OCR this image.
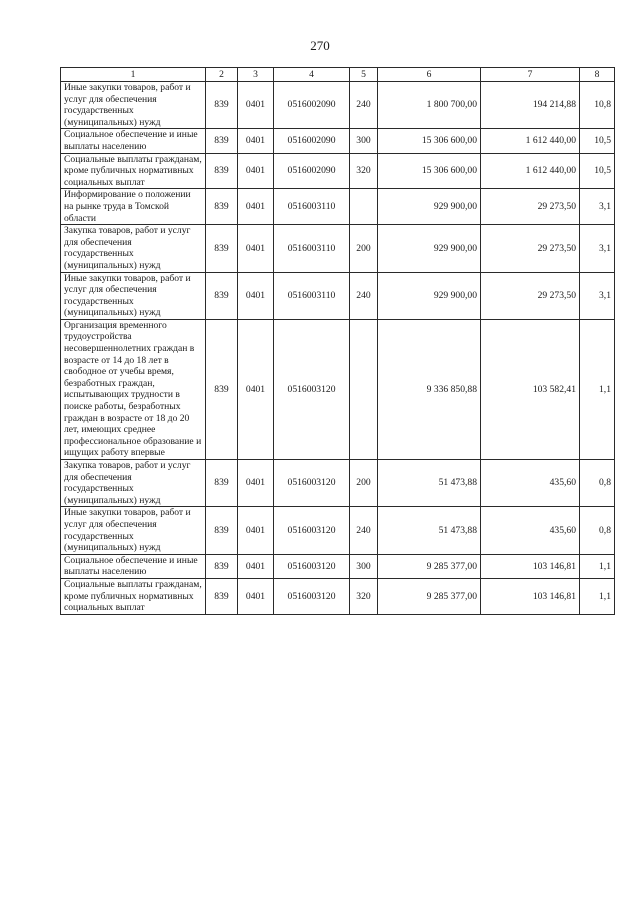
270
1	2	3	4	5	6	7	8
Иные закупки товаров, работ и услуг для обеспечения государственных (муниципальных) нужд	839	0401	0516002090	240	1 800 700,00	194 214,88	10,8
Социальное обеспечение и иные выплаты населению	839	0401	0516002090	300	15 306 600,00	1 612 440,00	10,5
Социальные выплаты гражданам, кроме публичных нормативных социальных выплат	839	0401	0516002090	320	15 306 600,00	1 612 440,00	10,5
Информирование о положении на рынке труда в Томской области	839	0401	0516003110		929 900,00	29 273,50	3,1
Закупка товаров, работ и услуг для обеспечения государственных (муниципальных) нужд	839	0401	0516003110	200	929 900,00	29 273,50	3,1
Иные закупки товаров, работ и услуг для обеспечения государственных (муниципальных) нужд	839	0401	0516003110	240	929 900,00	29 273,50	3,1
Организация временного трудоустройства несовершеннолетних граждан в возрасте от 14 до 18 лет в свободное от учебы время, безработных граждан, испытывающих трудности в поиске работы, безработных граждан в возрасте от 18 до 20 лет, имеющих среднее профессиональное образование и ищущих работу впервые	839	0401	0516003120		9 336 850,88	103 582,41	1,1
Закупка товаров, работ и услуг для обеспечения государственных (муниципальных) нужд	839	0401	0516003120	200	51 473,88	435,60	0,8
Иные закупки товаров, работ и услуг для обеспечения государственных (муниципальных) нужд	839	0401	0516003120	240	51 473,88	435,60	0,8
Социальное обеспечение и иные выплаты населению	839	0401	0516003120	300	9 285 377,00	103 146,81	1,1
Социальные выплаты гражданам, кроме публичных нормативных социальных выплат	839	0401	0516003120	320	9 285 377,00	103 146,81	1,1
